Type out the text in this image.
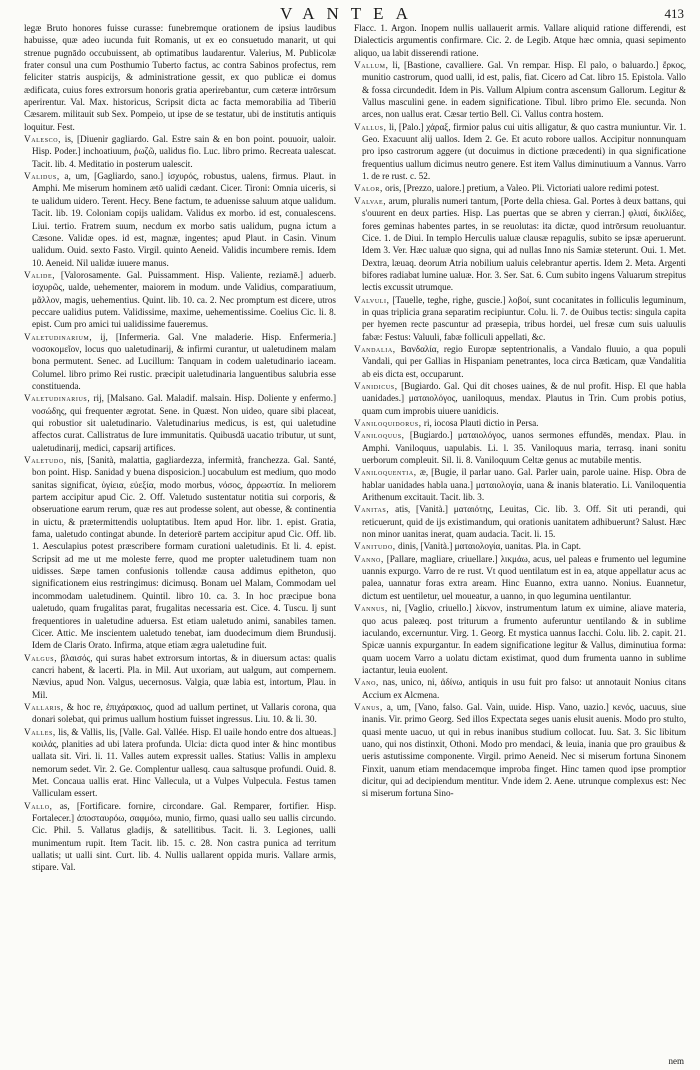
VANTEA	413

legæ Bruto honores fuisse curasse: funebremque orationem de ipsius laudibus habuisse, quæ adeo iucunda fuit Romanis, ut ex eo consuetudo manarit, ut qui strenue pugnādo occubuissent, ab optimatibus laudarentur. Valerius, M. Publicolæ frater consul una cum Posthumio Tuberto factus, ac contra Sabinos profectus, rem feliciter statris auspicijs, & administratione gessit, ex quo publicæ ei domus ædificata, cuius fores extrorsum honoris gratia aperirebantur, cum cæteræ intrōrsum aperirentur. Val. Max. historicus, Scripsit dicta ac facta memorabilia ad Tiberiū Cæsarem. militauit sub Sex. Pompeio, ut ipse de se testatur, ubi de institutis antiquis loquitur. Fest.

Valesco, is, [Diuenir gagliardo. Gal. Estre sain & en bon point. pouuoir, ualoir. Hisp. Poder.] inchoatiuum, ῥωζῶ, ualidus fio. Luc. libro primo. Recreata ualescat. Tacit. lib. 4. Meditatio in posterum ualescit.

Validus, a, um, [Gagliardo, sano.] ἰσχυρός, robustus, ualens, firmus. Plaut. in Amphi. Me miserum hominem ætō ualidi cædant. Cicer. Tironi: Omnia uiceris, si te ualidum uidero. Terent. Hecy. Bene factum, te aduenisse saluum atque ualidum. Tacit. lib. 19. Coloniam copijs ualidam. Validus ex morbo. id est, conualescens. Liui. tertio. Fratrem suum, necdum ex morbo satis ualidum, pugna ictum a Cæsone. Validæ opes. id est, magnæ, ingentes; apud Plaut. in Casin. Vinum ualidum. Ouid. sexto Fasto. Virgil. quinto Aeneid. Validis incumbere remis. Idem 10. Aeneid. Nil ualidæ iuuere manus.

Valide, [Valorosamente. Gal. Puissamment. Hisp. Valiente, reziamē.] aduerb. ἰσχυρῶς, ualde, uehementer, maiorem in modum. unde Validius, comparatiuum, μᾶλλον, magis, uehementius. Quint. lib. 10. ca. 2. Nec promptum est dicere, utros peccare ualidius putem. Validissime, maxime, uehementissime. Coelius Cic. li. 8. epist. Cum pro amici tui ualidissime faueremus.

Valetudinarium, ij, [Infermeria. Gal. Vne maladerie. Hisp. Enfermeria.] νοσοκομεῖον, locus quo ualetudinarij, & infirmi curantur, ut ualetudinem malam bona permutent. Senec. ad Lucillum: Tanquam in codem ualetudinario iaceam. Columel. libro primo Rei rustic. præcipit ualetudinaria languentibus salubria esse constituenda.

Valetudinarius, rij, [Malsano. Gal. Maladif. malsain. Hisp. Doliente y enfermo.] νοσώδης, qui frequenter ægrotat. Sene. in Quæst. Non uideo, quare sibi placeat, qui robustior sit ualetudinario. Valetudinarius medicus, is est, qui ualetudine affectos curat. Callistratus de Iure immunitatis. Quibusdā uacatio tributur, ut sunt, ualetudinarij, medici, capsarij artifices.

Valetudo, nis, [Sanità, malattia, gagliardezza, infermità, franchezza. Gal. Santé, bon point. Hisp. Sanidad y buena disposicion.] uocabulum est medium, quo modo sanitas significat, ὑγίεια, εὐεξία, modo morbus, νόσος, ἀρρωστία. In meliorem partem accipitur apud Cic. 2. Off. Valetudo sustentatur notitia sui corporis, & obseruatione earum rerum, quæ res aut prodesse solent, aut obesse, & continentia in uictu, & prætermittendis uoluptatibus. Item apud Hor. libr. 1. epist. Gratia, fama, ualetudo contingat abunde. In deteriorē partem accipitur apud Cic. Off. lib. 1. Aesculapius potest præscribere formam curationi ualetudinis. Et li. 4. epist. Scripsit ad me ut me moleste ferre, quod me propter ualetudinem tuam non uidisses. Sæpe tamen confusionis tollendæ causa addimus epitheton, quo significationem eius restringimus: dicimusq. Bonam uel Malam, Commodam uel incommodam ualetudinem. Quintil. libro 10. ca. 3. In hoc præcipue bona ualetudo, quam frugalitas parat, frugalitas necessaria est. Cice. 4. Tuscu. Ij sunt frequentiores in ualetudine aduersa. Est etiam ualetudo animi, sanabiles tamen. Cicer. Attic. Me inscientem ualetudo tenebat, iam duodecimum diem Brundusij. Idem de Claris Orato. Infirma, atque etiam ægra ualetudine fuit.

Valgus, βλαισός, qui suras habet extrorsum intortas, & in diuersum actas: qualis cancri habent, & lacerti. Pla. in Mil. Aut uxoriam, aut ualgum, aut compernem. Nævius, apud Non. Valgus, uecernosus. Valgia, quæ labia est, intortum, Plau. in Mil.

Vallaris, & hoc re, ἐπιχάρακιος, quod ad uallum pertinet, ut Vallaris corona, qua donari solebat, qui primus uallum hostium fuisset ingressus. Liu. 10. & li. 30.

Valles, lis, & Vallis, lis, [Valle. Gal. Vallée. Hisp. El uaile hondo entre dos altueas.] κοιλάς, planities ad ubi latera profunda. Ulcia: dicta quod inter & hinc montibus uallata sit. Viri. li. 11. Valles autem expressit ualles. Statius: Vallis in amplexu nemorum sedet. Vir. 2. Ge. Complentur uallesq. caua saltusque profundi. Ouid. 8. Met. Concaua uallis erat. Hinc Vallecula, ut a Vulpes Vulpecula. Festus tamen Valliculam essert.

Vallo, as, [Fortificare. fornire, circondare. Gal. Remparer, fortifier. Hisp. Fortalecer.] ἀποσταυρόω, σαφμόω, munio, firmo, quasi uallo seu uallis circundo. Cic. Phil. 5. Vallatus gladijs, & satellitibus. Tacit. li. 3. Legiones, ualli munimentum rupit. Item Tacit. lib. 15. c. 28. Non castra punica ad territum uallatis; ut ualli sint. Curt. lib. 4. Nullis uallarent oppida muris. Vallare armis, stipare. Val.

Flacc. 1. Argon. Inopem nullis uallauerit armis. Vallare aliquid ratione differendi, est Dialecticis argumentis confirmare. Cic. 2. de Legib. Atque hæc omnia, quasi sepimento aliquo, ua labit disserendi ratione.

Vallum, li, [Bastione, cavalliere. Gal. Vn rempar. Hisp. El palo, o baluardo.] ἔρκος, munitio castrorum, quod ualli, id est, palis, fiat. Cicero ad Cat. libro 15. Epistola. Vallo & fossa circundedit. Idem in Pis. Vallum Alpium contra ascensum Gallorum. Legitur & Vallus masculini gene. in eadem significatione. Tibul. libro primo Ele. secunda. Non arces, non uallus erat. Cæsar tertio Bell. Ci. Vallus contra hostem.

Vallus, li, [Palo.] χάραξ, firmior palus cui uitis alligatur, & quo castra muniuntur. Vir. 1. Geo. Exacuunt alij uallos. Idem 2. Ge. Et acuto robore uallos. Accipitur nonnunquam pro ipso castrorum aggere (ut docuimus in dictione præcedenti) in qua significatione frequentius uallum dicimus neutro genere. Est item Vallus diminutiuum a Vannus. Varro 1. de re rust. c. 52.

Valor, oris, [Prezzo, ualore.] pretium, a Valeo. Pli. Victoriati ualore redimi potest.

Valvae, arum, pluralis numeri tantum, [Porte della chiesa. Gal. Portes à deux battans, qui s'ouurent en deux parties. Hisp. Las puertas que se abren y cierran.] φλιαί, δικλίδες, fores geminas habentes partes, in se reuolutas: ita dictæ, quod intrōrsum reuoluantur. Cice. 1. de Diui. In templo Herculis ualuæ clausæ repagulis, subito se ipsæ aperuerunt. Idem 3. Ver. Hæc ualuæ quo signa, qui ad nullas Inno nis Samiæ steterunt. Oui. 1. Met. Dextra, læuaq. deorum Atria nobilium ualuis celebrantur apertis. Idem 2. Meta. Argenti bifores radiabat lumine ualuæ. Hor. 3. Ser. Sat. 6. Cum subito ingens Valuarum strepitus lectis excussit utrumque.

Valvuli, [Tauelle, teghe, righe, guscie.] λοβοί, sunt cocanitates in folliculis leguminum, in quas triplicia grana separatim recipiuntur. Colu. li. 7. de Ouibus tectis: singula capita per hyemen recte pascuntur ad præsepia, tribus hordei, uel fresæ cum suis ualuulis fabæ: Festus: Valuuli, fabæ folliculi appellati, &c.

Vandalia, Βανδαλία, regio Europæ septentrionalis, a Vandalo fluuio, a qua populi Vandali, qui per Gallias in Hispaniam penetrantes, loca circa Bæticam, quæ Vandalitia ab eis dicta est, occuparunt.

Vanidicus, [Bugiardo. Gal. Qui dit choses uaines, & de nul profit. Hisp. El que habla uanidades.] ματαιολόγος, uaniloquus, mendax. Plautus in Trin. Cum probis potius, quam cum improbis uiuere uanidicis.

Vaniloquidorus, ri, iocosa Plauti dictio in Persa.

Vaniloquus, [Bugiardo.] ματαιολόγος, uanos sermones effundēs, mendax. Plau. in Amphi. Vaniloquus, uapulabis. Li. l. 35. Vaniloquus maria, terrasq. inani sonitu uerborum compleuit. Sil. li. 8. Vaniloquum Celtæ genus ac mutabile mentis.

Vaniloquentia, æ, [Bugie, il parlar uano. Gal. Parler uain, parole uaine. Hisp. Obra de hablar uanidades habla uana.] ματαιολογία, uana & inanis blateratio. Li. Vaniloquentia Arithenum excitauit. Tacit. lib. 3.

Vanitas, atis, [Vanità.] ματαιότης, Leuitas, Cic. lib. 3. Off. Sit uti perandi, qui reticuerunt, quid de ijs existimandum, qui orationis uanitatem adhibuerunt? Salust. Hæc non minor uanitas inerat, quam audacia. Tacit. li. 15.

Vanitudo, dinis, [Vanità.] ματαιολογία, uanitas. Pla. in Capt.

Vanno, [Pallare, magliare, criuellare.] λικμάω, acus, uel paleas e frumento uel legumine uannis expurgo. Varro de re rust. Vt quod uentilatum est in ea, atque appellatur acus ac palea, uannatur foras extra aream. Hinc Euanno, extra uanno. Nonius. Euannetur, dictum est uentiletur, uel moueatur, a uanno, in quo legumina uentilantur.

Vannus, ni, [Vaglio, criuello.] λίκνον, instrumentum latum ex uimine, aliave materia, quo acus paleæq. post triturum a frumento auferuntur uentilando & in sublime iaculando, excernuntur. Virg. 1. Georg. Et mystica uannus Iacchi. Colu. lib. 2. capit. 21. Spicæ uannis expurgantur. In eadem significatione legitur & Vallus, diminutiua forma: quam uocem Varro a uolatu dictam existimat, quod dum frumenta uanno in sublime iactantur, leuia euolent.

Vano, nas, unico, ni, ἀδίνω, antiquis in usu fuit pro falso: ut annotauit Nonius citans Accium ex Alcmena.

Vanus, a, um, [Vano, falso. Gal. Vain, uuide. Hisp. Vano, uazio.] κενός, uacuus, siue inanis. Vir. primo Georg. Sed illos Expectata seges uanis elusit auenis. Modo pro stulto, quasi mente uacuo, ut qui in rebus inanibus studium collocat. Iuu. Sat. 3. Sic libitum uano, qui nos distinxit, Othoni. Modo pro mendaci, & leuia, inania que pro grauibus & ueris astutissime componente. Virgil. primo Aeneid. Nec si miserum fortuna Sinonem Finxit, uanum etiam mendacemque improba finget. Hinc tamen quod ipse promptior dicitur, qui ad decipiendum mentitur. Vnde idem 2. Aene. utrunque complexus est: Nec si miserum fortuna Sino-

nem
